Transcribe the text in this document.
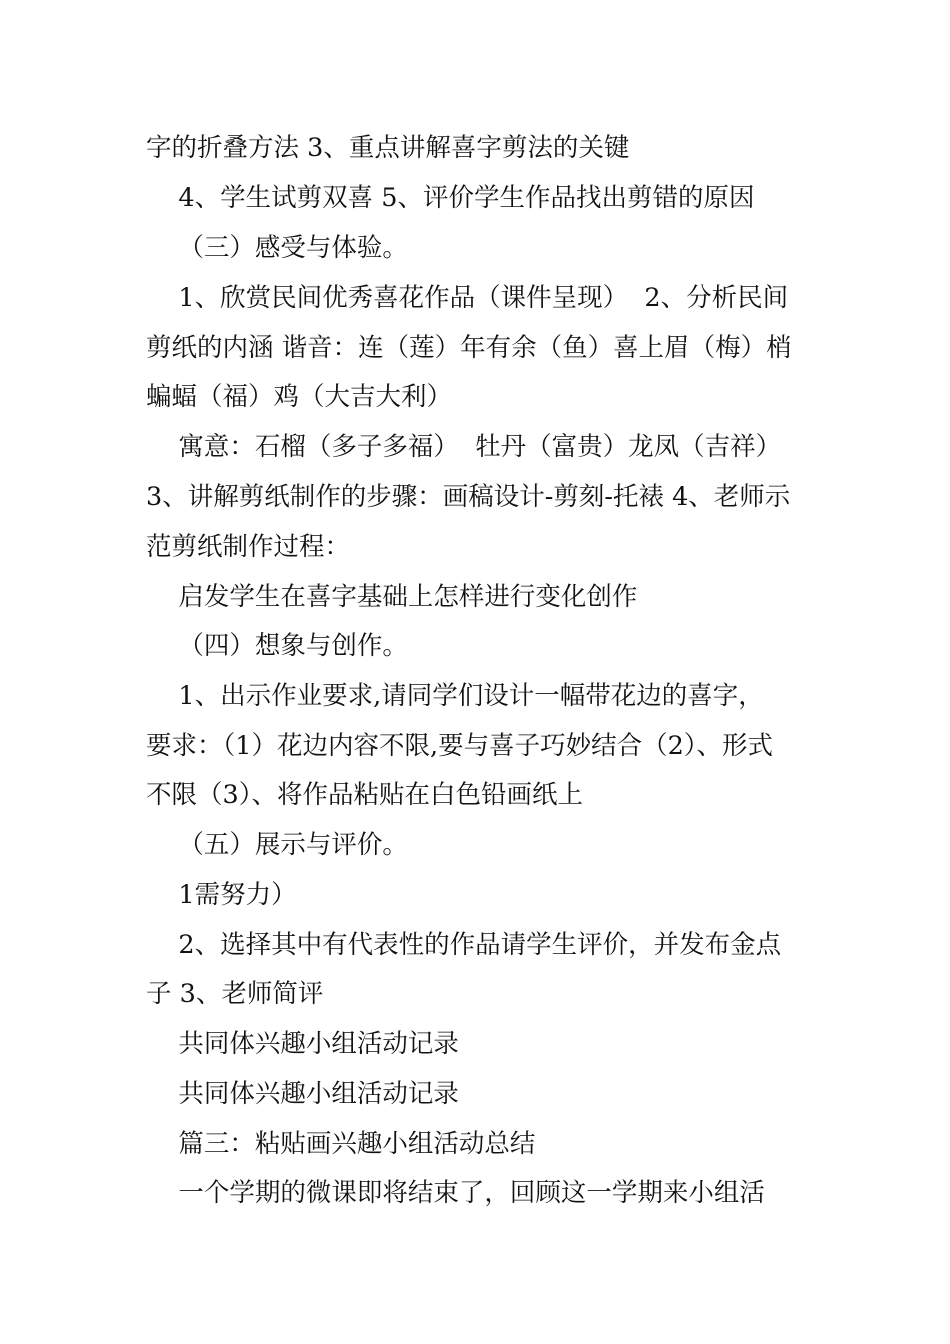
字的折叠方法 3、重点讲解喜字剪法的关键
4、学生试剪双喜 5、评价学生作品找出剪错的原因
（三）感受与体验。
1、欣赏民间优秀喜花作品（课件呈现）  2、分析民间
剪纸的内涵 谐音：连（莲）年有余（鱼）喜上眉（梅）梢
蝙蝠（福）鸡（大吉大利）
寓意：石榴（多子多福）  牡丹（富贵）龙凤（吉祥）
3、讲解剪纸制作的步骤：画稿设计-剪刻-托裱 4、老师示
范剪纸制作过程：
启发学生在喜字基础上怎样进行变化创作
（四）想象与创作。
1、出示作业要求,请同学们设计一幅带花边的喜字，
要求：（1）花边内容不限,要与喜子巧妙结合（2）、形式
不限（3）、将作品粘贴在白色铅画纸上
（五）展示与评价。
1需努力）
2、选择其中有代表性的作品请学生评价，并发布金点
子 3、老师简评
共同体兴趣小组活动记录
共同体兴趣小组活动记录
篇三：粘贴画兴趣小组活动总结
一个学期的微课即将结束了，回顾这一学期来小组活
